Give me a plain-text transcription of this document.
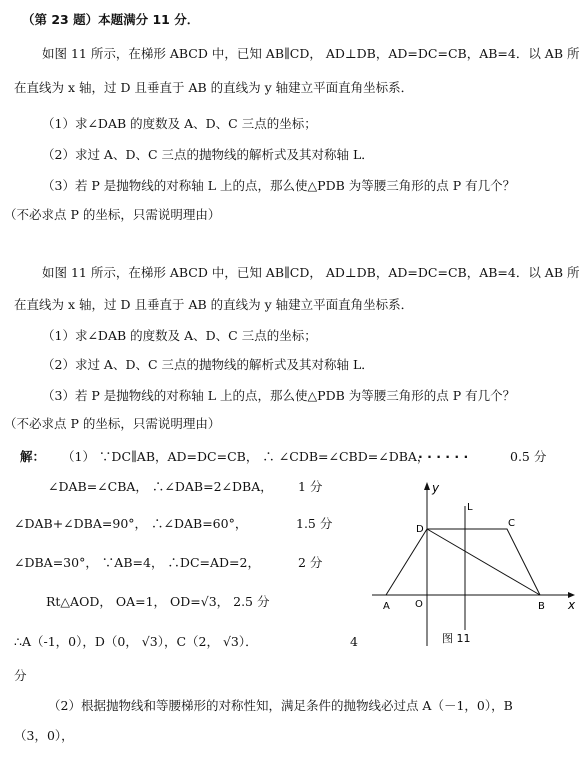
（第 23 题）本题满分 11 分．
如图 11 所示，在梯形 ABCD 中，已知 AB∥CD， AD⊥DB，AD=DC=CB，AB=4．以 AB 所
在直线为 x 轴，过 D 且垂直于 AB 的直线为 y 轴建立平面直角坐标系．
（1）求∠DAB 的度数及 A、D、C 三点的坐标；
（2）求过 A、D、C 三点的抛物线的解析式及其对称轴 L．
（3）若 P 是抛物线的对称轴 L 上的点，那么使△PDB 为等腰三角形的点 P 有几个？
（不必求点 P 的坐标，只需说明理由）
如图 11 所示，在梯形 ABCD 中，已知 AB∥CD， AD⊥DB，AD=DC=CB，AB=4．以 AB 所
在直线为 x 轴，过 D 且垂直于 AB 的直线为 y 轴建立平面直角坐标系．
（1）求∠DAB 的度数及 A、D、C 三点的坐标；
（2）求过 A、D、C 三点的抛物线的解析式及其对称轴 L．
（3）若 P 是抛物线的对称轴 L 上的点，那么使△PDB 为等腰三角形的点 P 有几个？
（不必求点 P 的坐标，只需说明理由）
解： （1） ∵DC∥AB，AD=DC=CB， ∴ ∠CDB=∠CBD=∠DBA，
· · · · · ·	0.5 分
∠DAB=∠CBA， ∴∠DAB=2∠DBA， 1 分
∠DAB+∠DBA=90°， ∴∠DAB=60°，	1.5 分
∠DBA=30°， ∵AB=4， ∴DC=AD=2，	2 分
Rt△AOD， OA=1， OD=√3， 2.5 分
∴A（-1，0），D（0， √3），C（2， √3）．	4
分
（2）根据抛物线和等腰梯形的对称性知，满足条件的抛物线必过点 A（－1，0），B
（3，0），
y
D
L
C
A	O	B x
图 11
